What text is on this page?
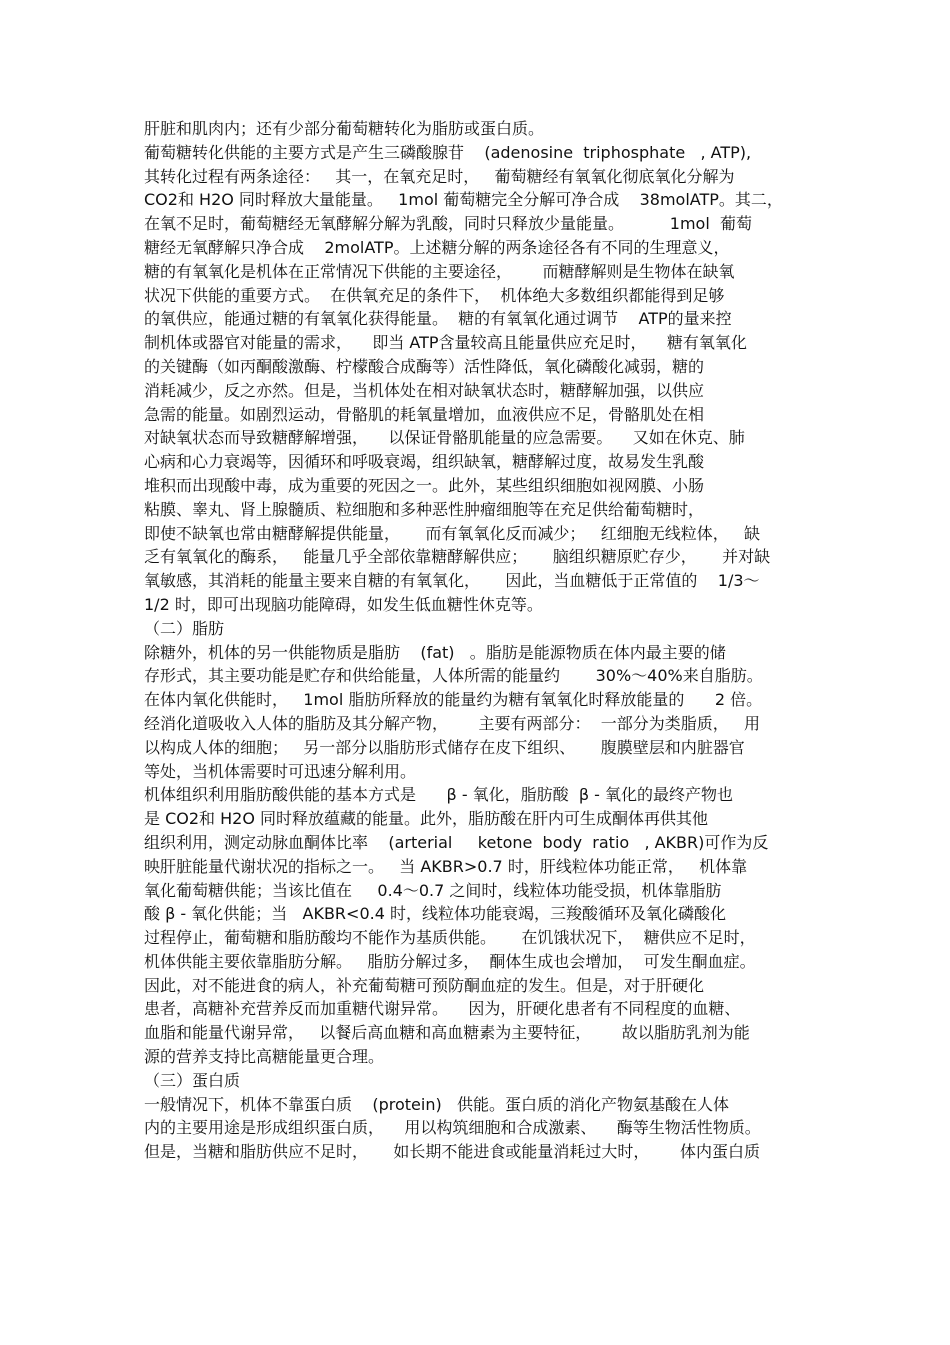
肝脏和肌肉内；还有少部分葡萄糖转化为脂肪或蛋白质。
葡萄糖转化供能的主要方式是产生三磷酸腺苷    (adenosine  triphosphate   , ATP),
其转化过程有两条途径：   其一，在氧充足时，   葡萄糖经有氧氧化彻底氧化分解为
CO2和 H2O 同时释放大量能量。   1mol 葡萄糖完全分解可净合成    38molATP。其二，
在氧不足时，葡萄糖经无氧酵解分解为乳酸，同时只释放少量能量。         1mol  葡萄
糖经无氧酵解只净合成    2molATP。上述糖分解的两条途径各有不同的生理意义，
糖的有氧氧化是机体在正常情况下供能的主要途径，      而糖酵解则是生物体在缺氧
状况下供能的重要方式。  在供氧充足的条件下，  机体绝大多数组织都能得到足够
的氧供应，能通过糖的有氧氧化获得能量。  糖的有氧氧化通过调节    ATP的量来控
制机体或器官对能量的需求，    即当 ATP含量较高且能量供应充足时，    糖有氧氧化
的关键酶（如丙酮酸激酶、柠檬酸合成酶等）活性降低，氧化磷酸化减弱，糖的
消耗减少，反之亦然。但是，当机体处在相对缺氧状态时，糖酵解加强，以供应
急需的能量。如剧烈运动，骨骼肌的耗氧量增加，血液供应不足，骨骼肌处在相
对缺氧状态而导致糖酵解增强，    以保证骨骼肌能量的应急需要。    又如在休克、肺
心病和心力衰竭等，因循环和呼吸衰竭，组织缺氧，糖酵解过度，故易发生乳酸
堆积而出现酸中毒，成为重要的死因之一。此外，某些组织细胞如视网膜、小肠
粘膜、睾丸、肾上腺髓质、粒细胞和多种恶性肿瘤细胞等在充足供给葡萄糖时，
即使不缺氧也常由糖酵解提供能量，     而有氧氧化反而减少；   红细胞无线粒体，   缺
乏有氧氧化的酶系，   能量几乎全部依靠糖酵解供应；     脑组织糖原贮存少，     并对缺
氧敏感，其消耗的能量主要来自糖的有氧氧化，     因此，当血糖低于正常值的    1/3～
1/2 时，即可出现脑功能障碍，如发生低血糖性休克等。
（二）脂肪
除糖外，机体的另一供能物质是脂肪    (fat)   。脂肪是能源物质在体内最主要的储
存形式，其主要功能是贮存和供给能量，人体所需的能量约       30%～40%来自脂肪。
在体内氧化供能时，   1mol 脂肪所释放的能量约为糖有氧氧化时释放能量的      2 倍。
经消化道吸收入人体的脂肪及其分解产物，      主要有两部分：  一部分为类脂质，   用
以构成人体的细胞；   另一部分以脂肪形式储存在皮下组织、     腹膜壁层和内脏器官
等处，当机体需要时可迅速分解利用。
机体组织利用脂肪酸供能的基本方式是      β - 氧化，脂肪酸  β - 氧化的最终产物也
是 CO2和 H2O 同时释放蕴藏的能量。此外，脂肪酸在肝内可生成酮体再供其他
组织利用，测定动脉血酮体比率    (arterial     ketone  body  ratio   , AKBR)可作为反
映肝脏能量代谢状况的指标之一。   当 AKBR>0.7 时，肝线粒体功能正常，   机体靠
氧化葡萄糖供能；当该比值在     0.4～0.7 之间时，线粒体功能受损，机体靠脂肪
酸 β - 氧化供能；当   AKBR<0.4 时，线粒体功能衰竭，三羧酸循环及氧化磷酸化
过程停止，葡萄糖和脂肪酸均不能作为基质供能。     在饥饿状况下，  糖供应不足时，
机体供能主要依靠脂肪分解。   脂肪分解过多，  酮体生成也会增加，  可发生酮血症。
因此，对不能进食的病人，补充葡萄糖可预防酮血症的发生。但是，对于肝硬化
患者，高糖补充营养反而加重糖代谢异常。    因为，肝硬化患者有不同程度的血糖、
血脂和能量代谢异常，   以餐后高血糖和高血糖素为主要特征，      故以脂肪乳剂为能
源的营养支持比高糖能量更合理。
（三）蛋白质
一般情况下，机体不靠蛋白质    (protein)   供能。蛋白质的消化产物氨基酸在人体
内的主要用途是形成组织蛋白质，    用以构筑细胞和合成激素、    酶等生物活性物质。
但是，当糖和脂肪供应不足时，     如长期不能进食或能量消耗过大时，      体内蛋白质
